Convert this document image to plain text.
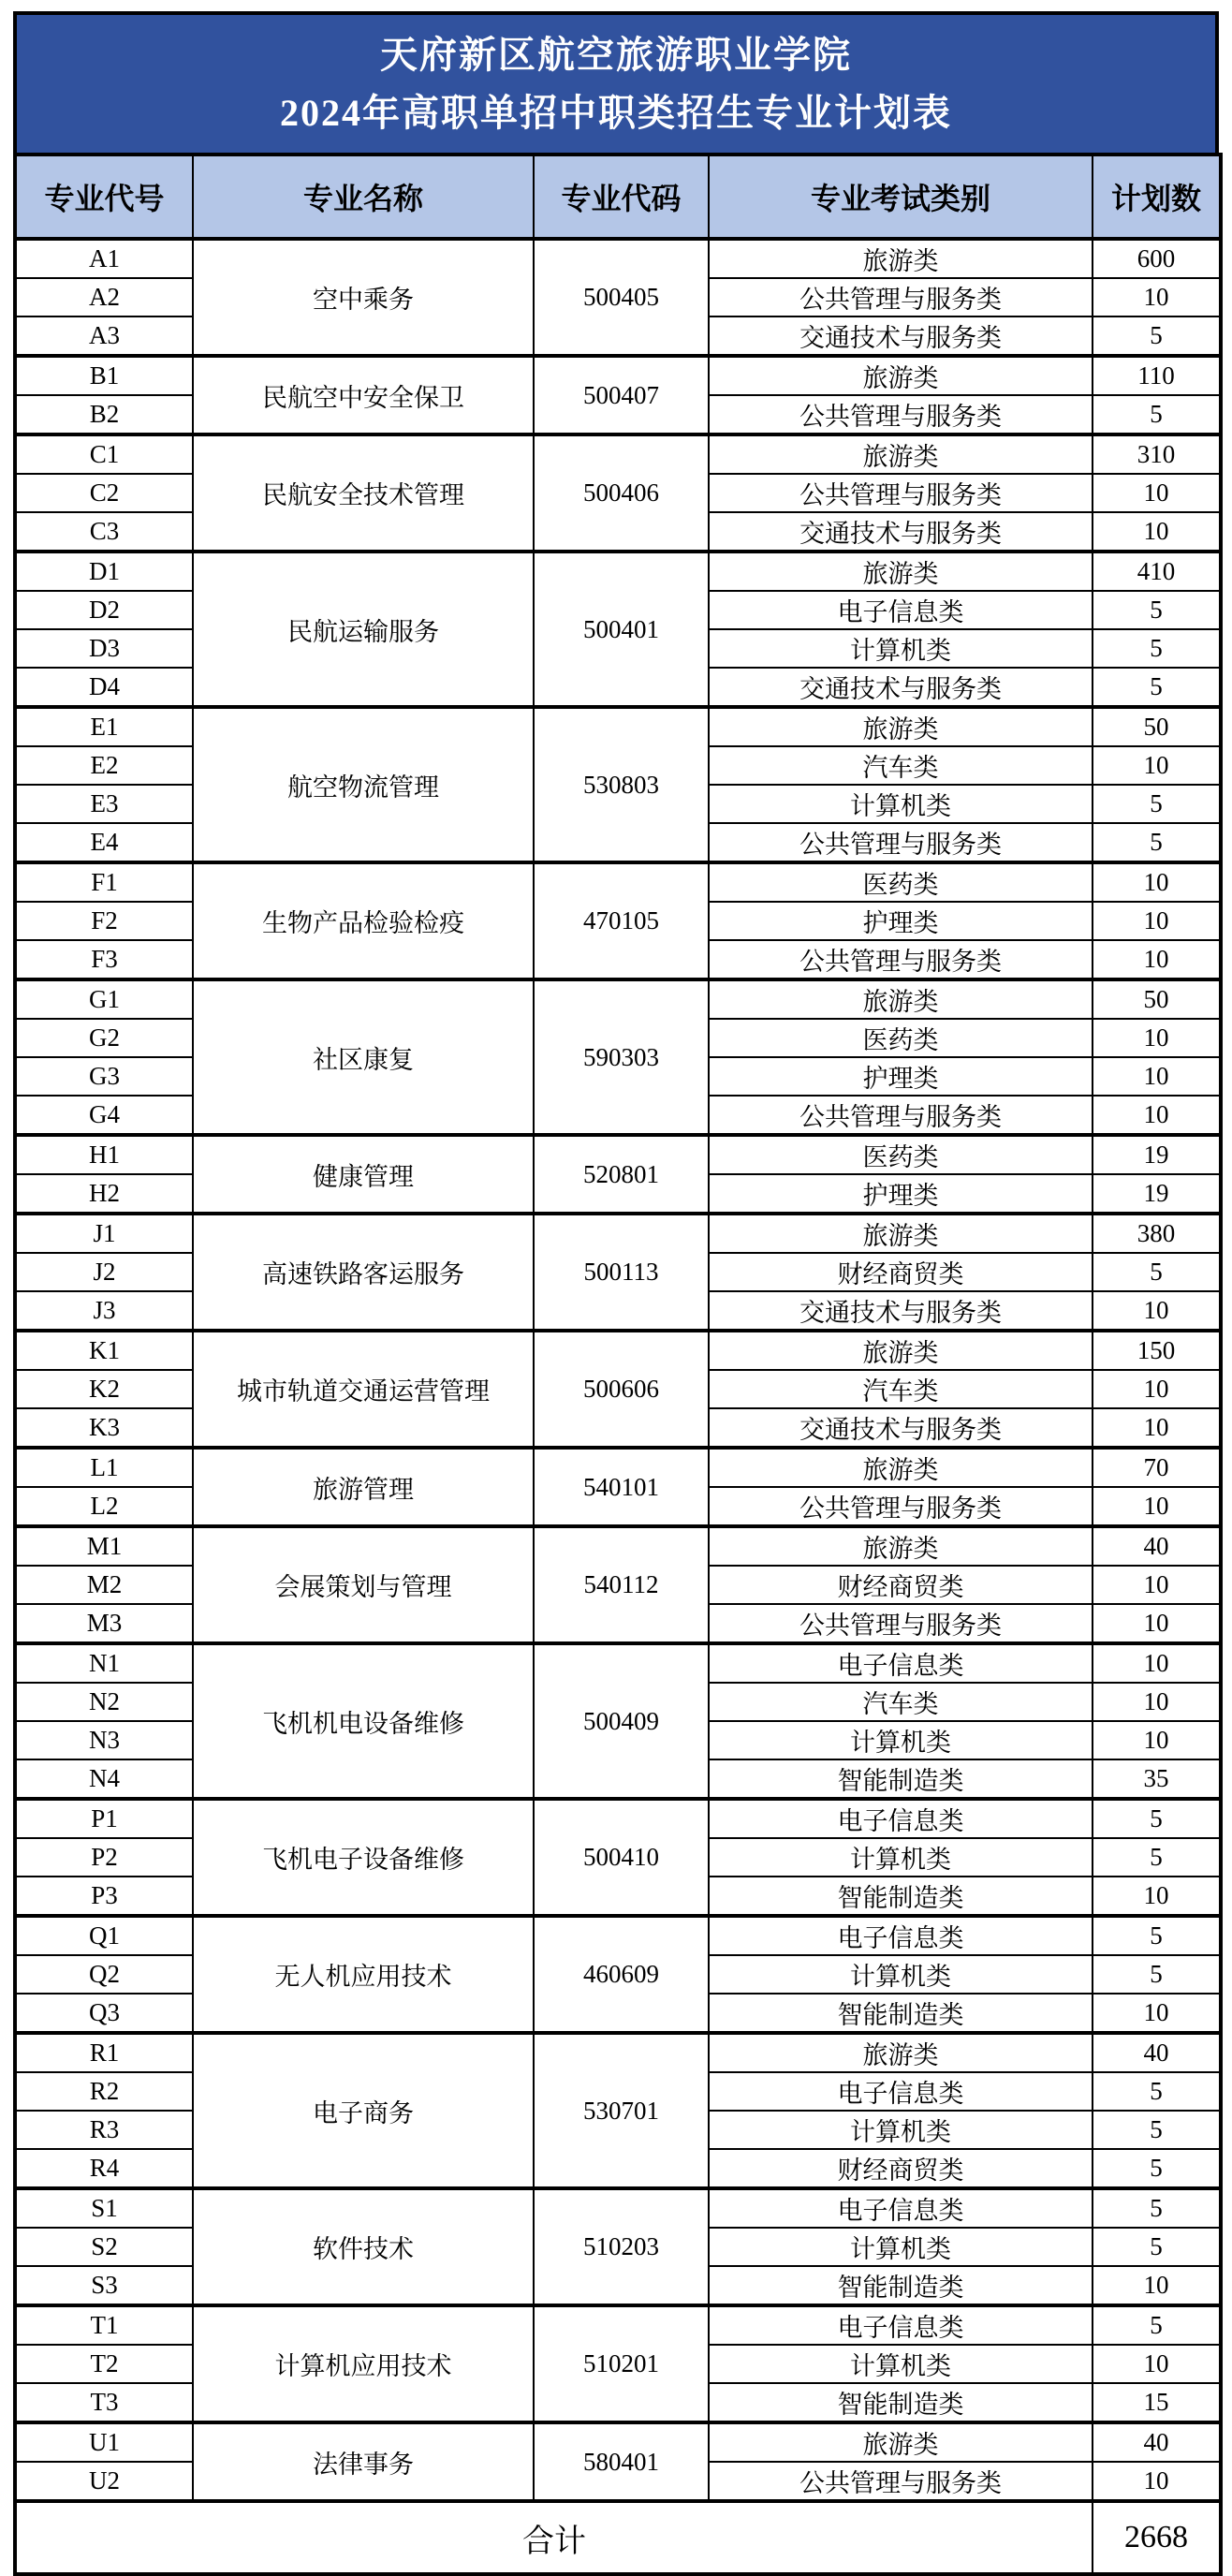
天府新区航空旅游职业学院
2024年高职单招中职类招生专业计划表
专业代号	专业名称	专业代码	专业考试类别	计划数
A1	空中乘务	500405	旅游类	600
A2			公共管理与服务类	10
A3			交通技术与服务类	5
B1	民航空中安全保卫	500407	旅游类	110
B2			公共管理与服务类	5
C1	民航安全技术管理	500406	旅游类	310
C2			公共管理与服务类	10
C3			交通技术与服务类	10
D1	民航运输服务	500401	旅游类	410
D2			电子信息类	5
D3			计算机类	5
D4			交通技术与服务类	5
E1	航空物流管理	530803	旅游类	50
E2			汽车类	10
E3			计算机类	5
E4			公共管理与服务类	5
F1	生物产品检验检疫	470105	医药类	10
F2			护理类	10
F3			公共管理与服务类	10
G1	社区康复	590303	旅游类	50
G2			医药类	10
G3			护理类	10
G4			公共管理与服务类	10
H1	健康管理	520801	医药类	19
H2			护理类	19
J1	高速铁路客运服务	500113	旅游类	380
J2			财经商贸类	5
J3			交通技术与服务类	10
K1	城市轨道交通运营管理	500606	旅游类	150
K2			汽车类	10
K3			交通技术与服务类	10
L1	旅游管理	540101	旅游类	70
L2			公共管理与服务类	10
M1	会展策划与管理	540112	旅游类	40
M2			财经商贸类	10
M3			公共管理与服务类	10
N1	飞机机电设备维修	500409	电子信息类	10
N2			汽车类	10
N3			计算机类	10
N4			智能制造类	35
P1	飞机电子设备维修	500410	电子信息类	5
P2			计算机类	5
P3			智能制造类	10
Q1	无人机应用技术	460609	电子信息类	5
Q2			计算机类	5
Q3			智能制造类	10
R1	电子商务	530701	旅游类	40
R2			电子信息类	5
R3			计算机类	5
R4			财经商贸类	5
S1	软件技术	510203	电子信息类	5
S2			计算机类	5
S3			智能制造类	10
T1	计算机应用技术	510201	电子信息类	5
T2			计算机类	10
T3			智能制造类	15
U1	法律事务	580401	旅游类	40
U2			公共管理与服务类	10
合计				2668
